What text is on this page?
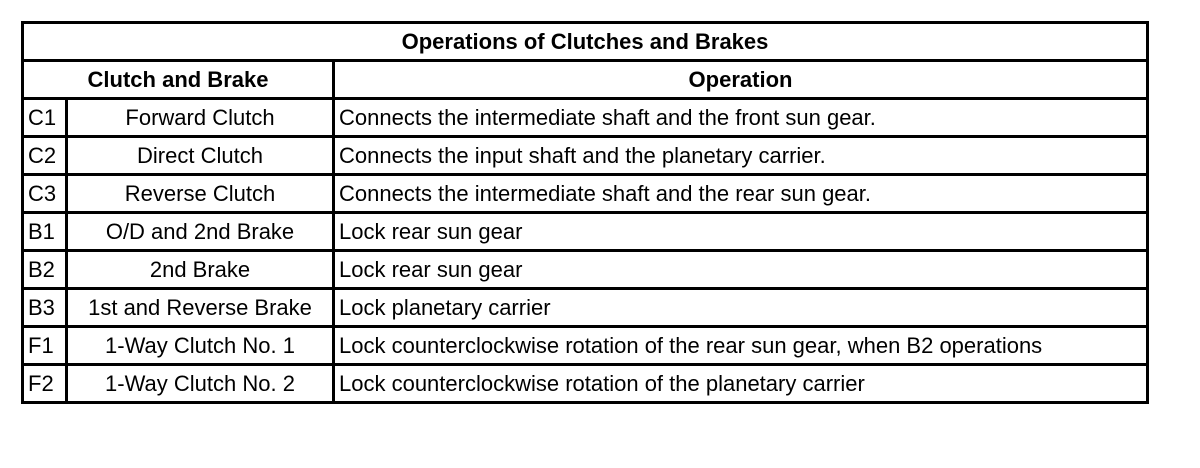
Operations of Clutches and Brakes		
Clutch and Brake		Operation
C1	Forward Clutch	Connects the intermediate shaft and the front sun gear.
C2	Direct Clutch	Connects the input shaft and the planetary carrier.
C3	Reverse Clutch	Connects the intermediate shaft and the rear sun gear.
B1	O/D and 2nd Brake	Lock rear sun gear
B2	2nd Brake	Lock rear sun gear
B3	1st and Reverse Brake	Lock planetary carrier
F1	1-Way Clutch No. 1	Lock counterclockwise rotation of the rear sun gear, when B2 operations
F2	1-Way Clutch No. 2	Lock counterclockwise rotation of the planetary carrier
